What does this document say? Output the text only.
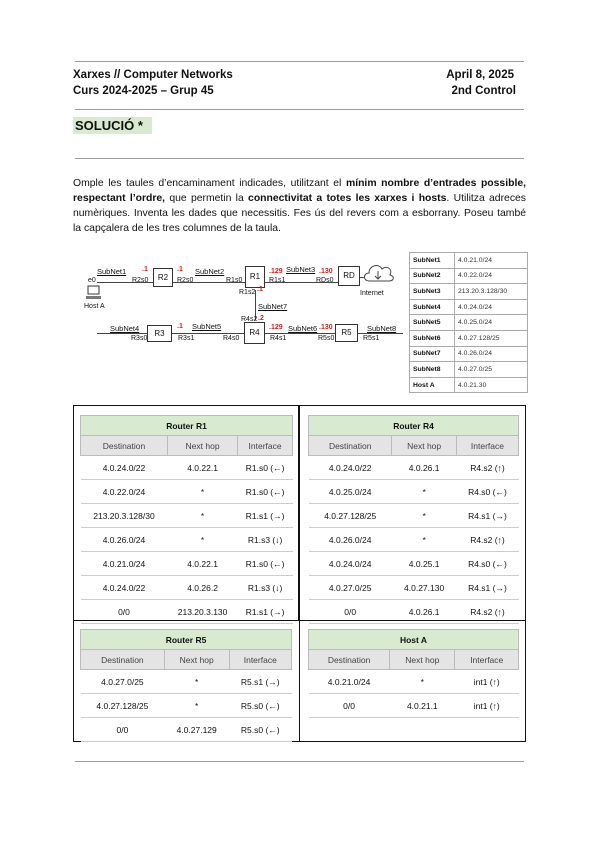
Xarxes // Computer Networks	April 8, 2025
Curs 2024-2025 – Grup 45	2nd Control
SOLUCIÓ *
Omple les taules d’encaminament indicades, utilitzant el mínim nombre d’entrades possible, respectant l’ordre, que permetin la connectivitat a totes les xarxes i hosts. Utilitza adreces numèriques. Inventa les dades que necessitis. Fes ús del revers com a esborrany. Poseu també la capçalera de les tres columnes de la taula.
SubNet1	SubNet2	SubNet3
SubNet4	SubNet5	SubNet6
SubNet7
SubNet8
R2	R1	RD
R3	R4	R5
Host A
Internet
.1	.1	.129	.130
.1
.2
.129	.130
.1
e0	R2s0	R2s0	R1s0	R1s1	RDs0
R1s2
R4s2
R3s0	R3s1	R4s0	R4s1	R5s0	R5s1
SubNet1	4.0.21.0/24
SubNet2	4.0.22.0/24
SubNet3	213.20.3.128/30
SubNet4	4.0.24.0/24
SubNet5	4.0.25.0/24
SubNet6	4.0.27.128/25
SubNet7	4.0.26.0/24
SubNet8	4.0.27.0/25
Host A	4.0.21.30
Router R1		
Destination	Next hop	Interface
4.0.24.0/22	4.0.22.1	R1.s0 (←)
4.0.22.0/24	*	R1.s0 (←)
213.20.3.128/30	*	R1.s1 (→)
4.0.26.0/24	*	R1.s3 (↓)
4.0.21.0/24	4.0.22.1	R1.s0 (←)
4.0.24.0/22	4.0.26.2	R1.s3 (↓)
0/0	213.20.3.130	R1.s1 (→)
Router R4		
Destination	Next hop	Interface
4.0.24.0/22	4.0.26.1	R4.s2 (↑)
4.0.25.0/24	*	R4.s0 (←)
4.0.27.128/25	*	R4.s1 (→)
4.0.26.0/24	*	R4.s2 (↑)
4.0.24.0/24	4.0.25.1	R4.s0 (←)
4.0.27.0/25	4.0.27.130	R4.s1 (→)
0/0	4.0.26.1	R4.s2 (↑)
Router R5		
Destination	Next hop	Interface
4.0.27.0/25	*	R5.s1 (→)
4.0.27.128/25	*	R5.s0 (←)
0/0	4.0.27.129	R5.s0 (←)
Host A		
Destination	Next hop	Interface
4.0.21.0/24	*	int1 (↑)
0/0	4.0.21.1	int1 (↑)
